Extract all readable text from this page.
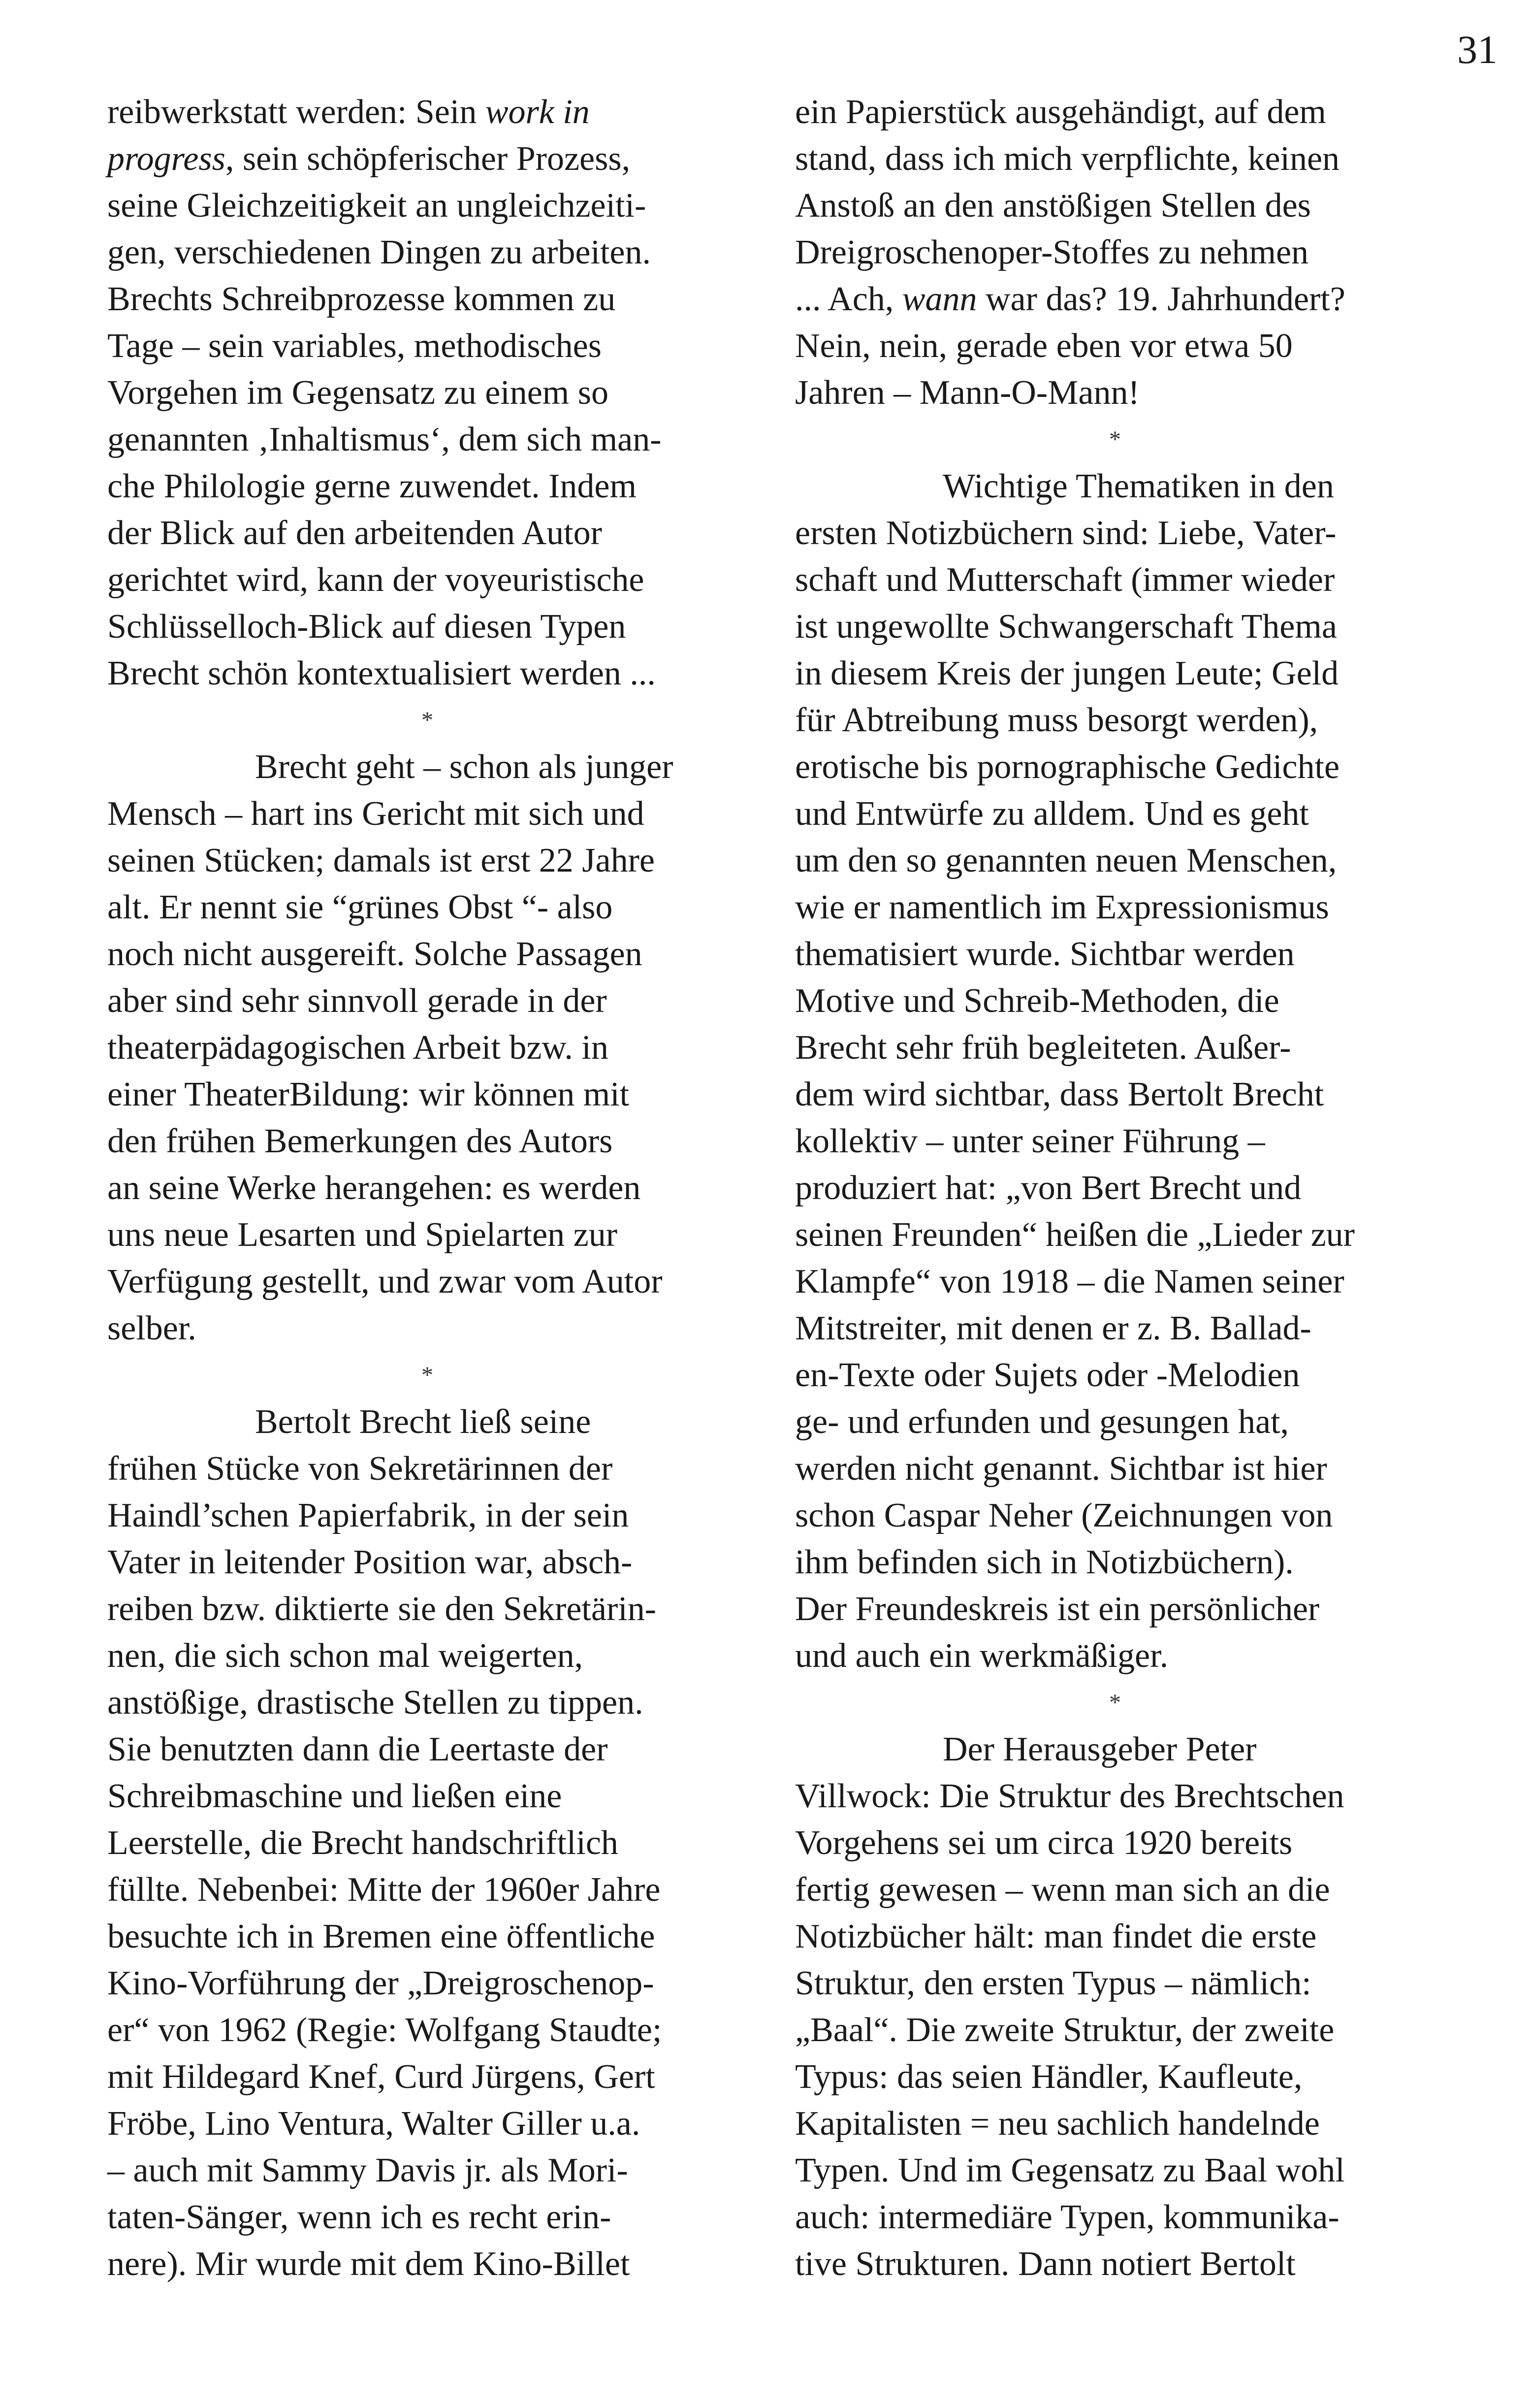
31
reibwerkstatt werden: Sein work in
progress, sein schöpferischer Prozess,
seine Gleichzeitigkeit an ungleichzeiti-
gen, verschiedenen Dingen zu arbeiten.
Brechts Schreibprozesse kommen zu
Tage – sein variables, methodisches
Vorgehen im Gegensatz zu einem so
genannten ‚Inhaltismus‘, dem sich man-
che Philologie gerne zuwendet. Indem
der Blick auf den arbeitenden Autor
gerichtet wird, kann der voyeuristische
Schlüsselloch-Blick auf diesen Typen
Brecht schön kontextualisiert werden ...
*
Brecht geht – schon als junger
Mensch – hart ins Gericht mit sich und
seinen Stücken; damals ist erst 22 Jahre
alt. Er nennt sie “grünes Obst “- also
noch nicht ausgereift. Solche Passagen
aber sind sehr sinnvoll gerade in der
theaterpädagogischen Arbeit bzw. in
einer TheaterBildung: wir können mit
den frühen Bemerkungen des Autors
an seine Werke herangehen: es werden
uns neue Lesarten und Spielarten zur
Verfügung gestellt, und zwar vom Autor
selber.
*
Bertolt Brecht ließ seine
frühen Stücke von Sekretärinnen der
Haindl’schen Papierfabrik, in der sein
Vater in leitender Position war, absch-
reiben bzw. diktierte sie den Sekretärin-
nen, die sich schon mal weigerten,
anstößige, drastische Stellen zu tippen.
Sie benutzten dann die Leertaste der
Schreibmaschine und ließen eine
Leerstelle, die Brecht handschriftlich
füllte. Nebenbei: Mitte der 1960er Jahre
besuchte ich in Bremen eine öffentliche
Kino-Vorführung der „Dreigroschenop-
er“ von 1962 (Regie: Wolfgang Staudte;
mit Hildegard Knef, Curd Jürgens, Gert
Fröbe, Lino Ventura, Walter Giller u.a.
– auch mit Sammy Davis jr. als Mori-
taten-Sänger, wenn ich es recht erin-
nere). Mir wurde mit dem Kino-Billet
ein Papierstück ausgehändigt, auf dem
stand, dass ich mich verpflichte, keinen
Anstoß an den anstößigen Stellen des
Dreigroschenoper-Stoffes zu nehmen
... Ach, wann war das? 19. Jahrhundert?
Nein, nein, gerade eben vor etwa 50
Jahren – Mann-O-Mann!
*
Wichtige Thematiken in den
ersten Notizbüchern sind: Liebe, Vater-
schaft und Mutterschaft (immer wieder
ist ungewollte Schwangerschaft Thema
in diesem Kreis der jungen Leute; Geld
für Abtreibung muss besorgt werden),
erotische bis pornographische Gedichte
und Entwürfe zu alldem. Und es geht
um den so genannten neuen Menschen,
wie er namentlich im Expressionismus
thematisiert wurde. Sichtbar werden
Motive und Schreib-Methoden, die
Brecht sehr früh begleiteten. Außer-
dem wird sichtbar, dass Bertolt Brecht
kollektiv – unter seiner Führung –
produziert hat: „von Bert Brecht und
seinen Freunden“ heißen die „Lieder zur
Klampfe“ von 1918 – die Namen seiner
Mitstreiter, mit denen er z. B. Ballad-
en-Texte oder Sujets oder -Melodien
ge- und erfunden und gesungen hat,
werden nicht genannt. Sichtbar ist hier
schon Caspar Neher (Zeichnungen von
ihm befinden sich in Notizbüchern).
Der Freundeskreis ist ein persönlicher
und auch ein werkmäßiger.
*
Der Herausgeber Peter
Villwock: Die Struktur des Brechtschen
Vorgehens sei um circa 1920 bereits
fertig gewesen – wenn man sich an die
Notizbücher hält: man findet die erste
Struktur, den ersten Typus – nämlich:
„Baal“. Die zweite Struktur, der zweite
Typus: das seien Händler, Kaufleute,
Kapitalisten = neu sachlich handelnde
Typen. Und im Gegensatz zu Baal wohl
auch: intermediäre Typen, kommunika-
tive Strukturen. Dann notiert Bertolt
